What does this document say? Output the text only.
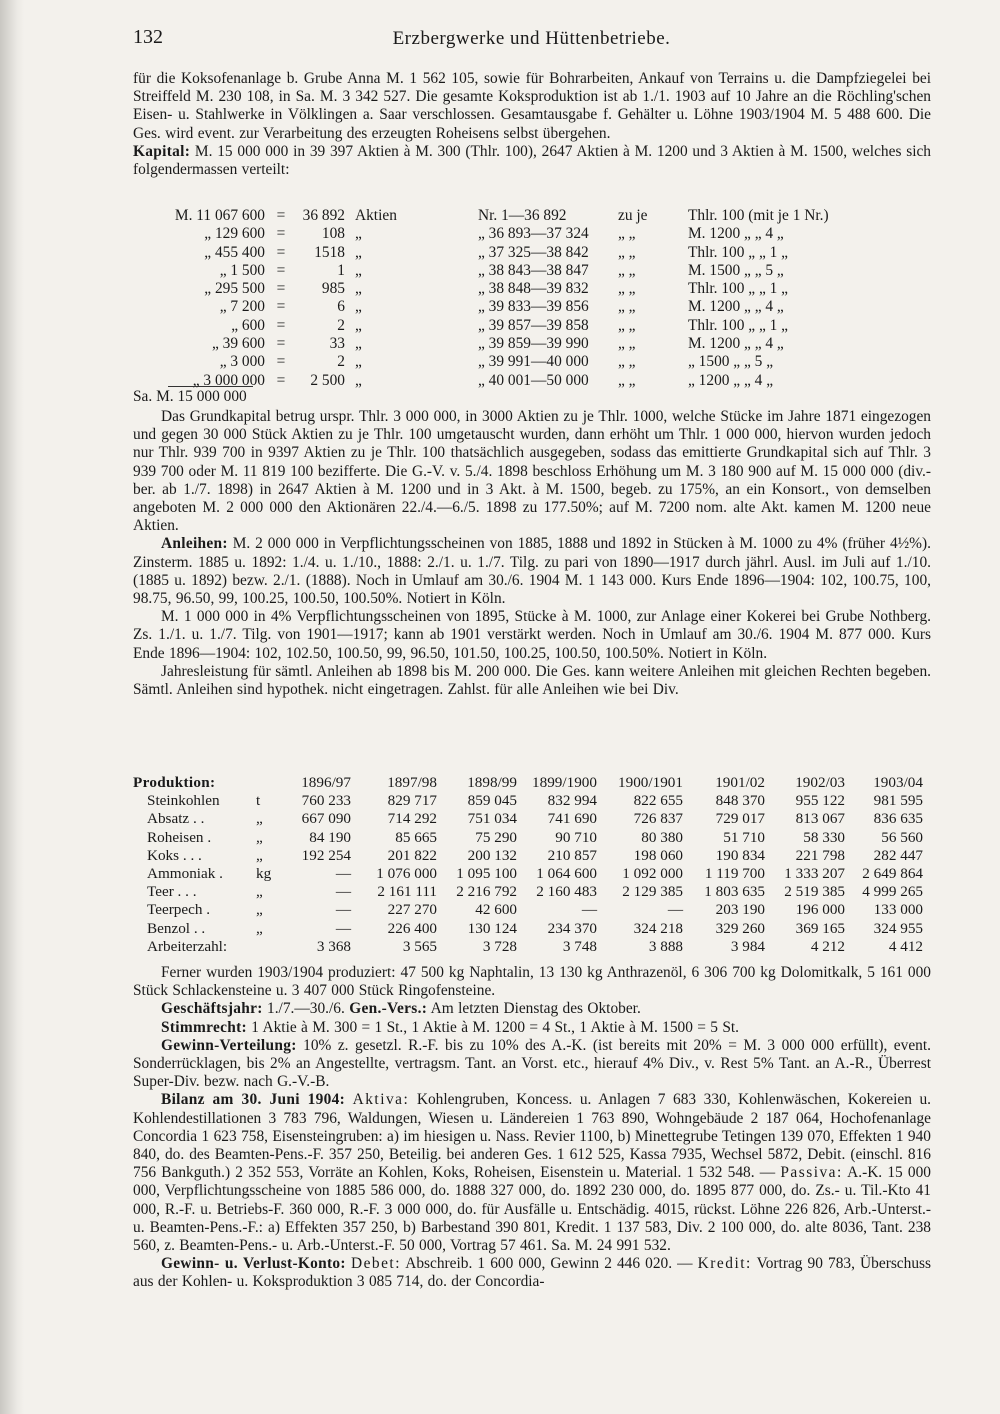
132	Erzbergwerke und Hüttenbetriebe.

für die Koksofenanlage b. Grube Anna M. 1 562 105, sowie für Bohrarbeiten, Ankauf von Terrains u. die Dampfziegelei bei Streiffeld M. 230 108, in Sa. M. 3 342 527. Die gesamte Koksproduktion ist ab 1./1. 1903 auf 10 Jahre an die Röchling'schen Eisen- u. Stahlwerke in Völklingen a. Saar verschlossen. Gesamtausgabe f. Gehälter u. Löhne 1903/1904 M. 5 488 600. Die Ges. wird event. zur Verarbeitung des erzeugten Roheisens selbst übergehen.

Kapital: M. 15 000 000 in 39 397 Aktien à M. 300 (Thlr. 100), 2647 Aktien à M. 1200 und 3 Aktien à M. 1500, welches sich folgendermassen verteilt:

M. 11 067 600 =	36 892 Aktien	Nr. 1—36 892	zu je	Thlr. 100 (mit je 1 Nr.)
„ 129 600 =	108 „	„ 36 893—37 324 „ „	M. 1200 „ „ 4 „
„ 455 400 =	1518 „	„ 37 325—38 842 „ „	Thlr. 100 „ „ 1 „
„ 1 500 =	1 „	„ 38 843—38 847 „ „	M. 1500 „ „ 5 „
„ 295 500 =	985 „	„ 38 848—39 832 „ „	Thlr. 100 „ „ 1 „
„ 7 200 =	6 „	„ 39 833—39 856 „ „	M. 1200 „ „ 4 „
„ 600 =	2 „	„ 39 857—39 858 „ „	Thlr. 100 „ „ 1 „
„ 39 600 =	33 „	„ 39 859—39 990 „ „	M. 1200 „ „ 4 „
„ 3 000 =	2 „	„ 39 991—40 000 „ „	„ 1500 „ „ 5 „
„ 3 000 000 =	2 500 „	„ 40 001—50 000 „ „	„ 1200 „ „ 4 „
Sa. M. 15 000 000

Das Grundkapital betrug urspr. Thlr. 3 000 000, in 3000 Aktien zu je Thlr. 1000, welche Stücke im Jahre 1871 eingezogen und gegen 30 000 Stück Aktien zu je Thlr. 100 umgetauscht wurden, dann erhöht um Thlr. 1 000 000, hiervon wurden jedoch nur Thlr. 939 700 in 9397 Aktien zu je Thlr. 100 thatsächlich ausgegeben, sodass das emittierte Grundkapital sich auf Thlr. 3 939 700 oder M. 11 819 100 bezifferte. Die G.-V. v. 5./4. 1898 beschloss Erhöhung um M. 3 180 900 auf M. 15 000 000 (div.-ber. ab 1./7. 1898) in 2647 Aktien à M. 1200 und in 3 Akt. à M. 1500, begeb. zu 175%, an ein Konsort., von demselben angeboten M. 2 000 000 den Aktionären 22./4.—6./5. 1898 zu 177.50%; auf M. 7200 nom. alte Akt. kamen M. 1200 neue Aktien.

Anleihen: M. 2 000 000 in Verpflichtungsscheinen von 1885, 1888 und 1892 in Stücken à M. 1000 zu 4% (früher 4½%). Zinsterm. 1885 u. 1892: 1./4. u. 1./10., 1888: 2./1. u. 1./7. Tilg. zu pari von 1890—1917 durch jährl. Ausl. im Juli auf 1./10. (1885 u. 1892) bezw. 2./1. (1888). Noch in Umlauf am 30./6. 1904 M. 1 143 000. Kurs Ende 1896—1904: 102, 100.75, 100, 98.75, 96.50, 99, 100.25, 100.50, 100.50%. Notiert in Köln.

M. 1 000 000 in 4% Verpflichtungsscheinen von 1895, Stücke à M. 1000, zur Anlage einer Kokerei bei Grube Nothberg. Zs. 1./1. u. 1./7. Tilg. von 1901—1917; kann ab 1901 verstärkt werden. Noch in Umlauf am 30./6. 1904 M. 877 000. Kurs Ende 1896—1904: 102, 102.50, 100.50, 99, 96.50, 101.50, 100.25, 100.50, 100.50%. Notiert in Köln.

Jahresleistung für sämtl. Anleihen ab 1898 bis M. 200 000. Die Ges. kann weitere Anleihen mit gleichen Rechten begeben. Sämtl. Anleihen sind hypothek. nicht eingetragen. Zahlst. für alle Anleihen wie bei Div.

Produktion:	1896/97	1897/98	1898/99 1899/1900	1900/1901	1901/02	1902/03	1903/04
Steinkohlen t	760 233	829 717	859 045	832 994	822 655	848 370	955 122	981 595
Absatz . .	„	667 090	714 292	751 034	741 690	726 837	729 017	813 067	836 635
Roheisen .	„	84 190	85 665	75 290	90 710	80 380	51 710	58 330	56 560
Koks . . .	„	192 254	201 822	200 132	210 857	198 060	190 834	221 798	282 447
Ammoniak . kg	—	1 076 000	1 095 100	1 064 600	1 092 000	1 119 700	1 333 207	2 649 864
Teer . . .	„	—	2 161 111	2 216 792	2 160 483	2 129 385	1 803 635	2 519 385	4 999 265
Teerpech .	„	—	227 270	42 600	—	—	203 190	196 000	133 000
Benzol . .	„	—	226 400	130 124	234 370	324 218	329 260	369 165	324 955
Arbeiterzahl:	3 368	3 565	3 728	3 748	3 888	3 984	4 212	4 412

Ferner wurden 1903/1904 produziert: 47 500 kg Naphtalin, 13 130 kg Anthrazenöl, 6 306 700 kg Dolomitkalk, 5 161 000 Stück Schlackensteine u. 3 407 000 Stück Ringofensteine.

Geschäftsjahr: 1./7.—30./6. Gen.-Vers.: Am letzten Dienstag des Oktober.

Stimmrecht: 1 Aktie à M. 300 = 1 St., 1 Aktie à M. 1200 = 4 St., 1 Aktie à M. 1500 = 5 St.

Gewinn-Verteilung: 10% z. gesetzl. R.-F. bis zu 10% des A.-K. (ist bereits mit 20% = M. 3 000 000 erfüllt), event. Sonderrücklagen, bis 2% an Angestellte, vertragsm. Tant. an Vorst. etc., hierauf 4% Div., v. Rest 5% Tant. an A.-R., Überrest Super-Div. bezw. nach G.-V.-B.

Bilanz am 30. Juni 1904: Aktiva: Kohlengruben, Koncess. u. Anlagen 7 683 330, Kohlenwäschen, Kokereien u. Kohlendestillationen 3 783 796, Waldungen, Wiesen u. Ländereien 1 763 890, Wohngebäude 2 187 064, Hochofenanlage Concordia 1 623 758, Eisensteingruben: a) im hiesigen u. Nass. Revier 1100, b) Minettegrube Tetingen 139 070, Effekten 1 940 840, do. des Beamten-Pens.-F. 357 250, Beteilig. bei anderen Ges. 1 612 525, Kassa 7935, Wechsel 5872, Debit. (einschl. 816 756 Bankguth.) 2 352 553, Vorräte an Kohlen, Koks, Roheisen, Eisenstein u. Material. 1 532 548. — Passiva: A.-K. 15 000 000, Verpflichtungsscheine von 1885 586 000, do. 1888 327 000, do. 1892 230 000, do. 1895 877 000, do. Zs.- u. Til.-Kto 41 000, R.-F. u. Betriebs-F. 360 000, R.-F. 3 000 000, do. für Ausfälle u. Entschädig. 4015, rückst. Löhne 226 826, Arb.-Unterst.- u. Beamten-Pens.-F.: a) Effekten 357 250, b) Barbestand 390 801, Kredit. 1 137 583, Div. 2 100 000, do. alte 8036, Tant. 238 560, z. Beamten-Pens.- u. Arb.-Unterst.-F. 50 000, Vortrag 57 461. Sa. M. 24 991 532.

Gewinn- u. Verlust-Konto: Debet: Abschreib. 1 600 000, Gewinn 2 446 020. — Kredit: Vortrag 90 783, Überschuss aus der Kohlen- u. Koksproduktion 3 085 714, do. der Concordia-
